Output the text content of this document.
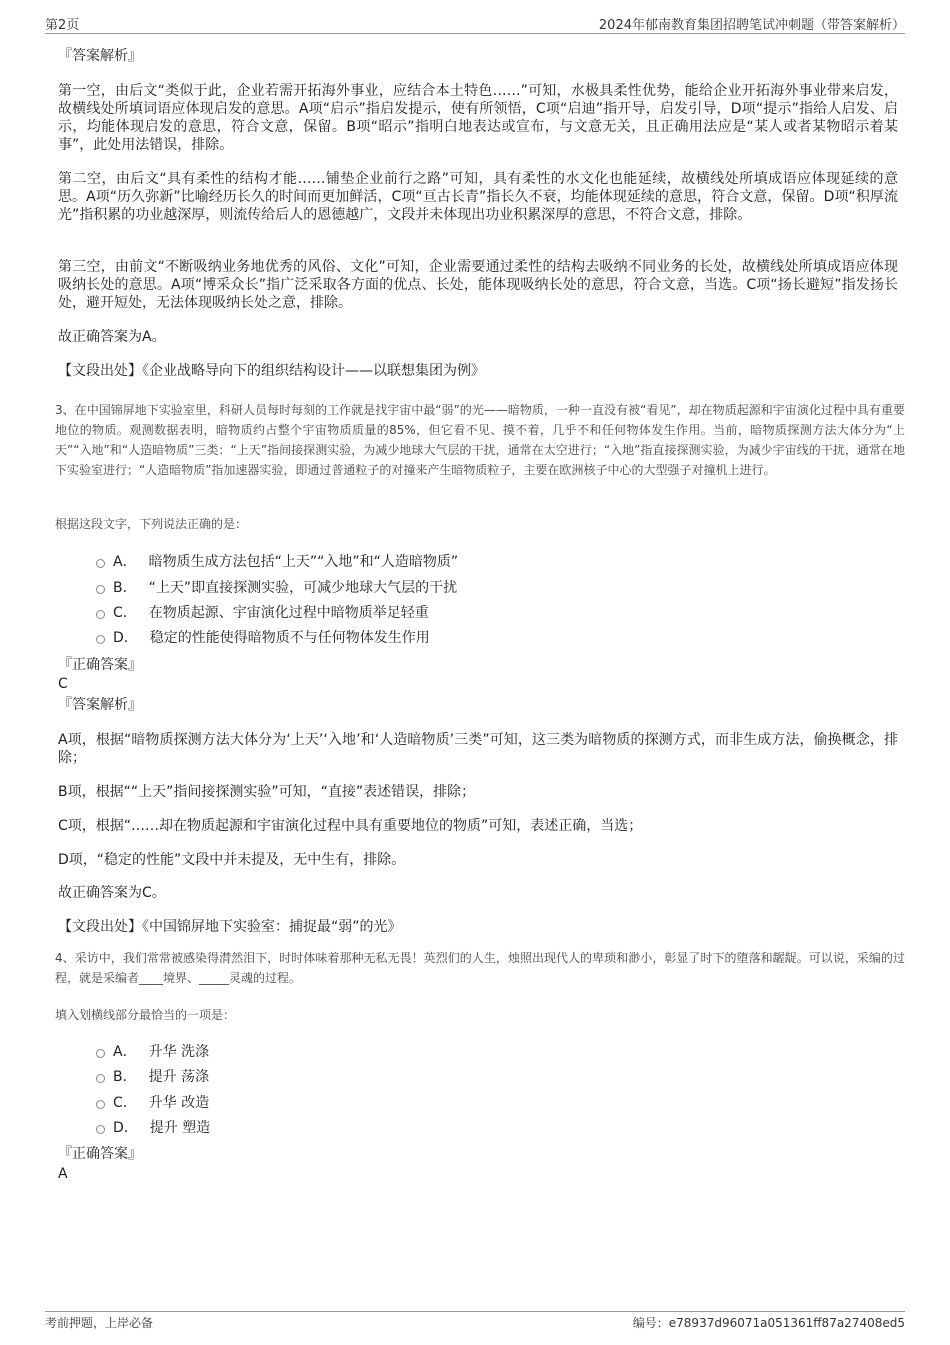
第2页	2024年郁南教育集团招聘笔试冲刺题（带答案解析）
『答案解析』

第一空，由后文“类似于此，企业若需开拓海外事业，应结合本土特色……”可知，水极具柔性优势，能给企业开拓海外事业带来启发，故横线处所填词语应体现启发的意思。A项“启示”指启发提示，使有所领悟，C项“启迪”指开导，启发引导，D项“提示”指给人启发、启示，均能体现启发的意思，符合文意，保留。B项“昭示”指明白地表达或宣布，与文意无关，且正确用法应是“某人或者某物昭示着某事”，此处用法错误，排除。

第二空，由后文“具有柔性的结构才能……铺垫企业前行之路”可知，具有柔性的水文化也能延续，故横线处所填成语应体现延续的意思。A项“历久弥新”比喻经历长久的时间而更加鲜活，C项“亘古长青”指长久不衰，均能体现延续的意思，符合文意，保留。D项“积厚流光”指积累的功业越深厚，则流传给后人的恩德越广，文段并未体现出功业积累深厚的意思，不符合文意，排除。

第三空，由前文“不断吸纳业务地优秀的风俗、文化”可知，企业需要通过柔性的结构去吸纳不同业务的长处，故横线处所填成语应体现吸纳长处的意思。A项“博采众长”指广泛采取各方面的优点、长处，能体现吸纳长处的意思，符合文意，当选。C项“扬长避短”指发扬长处，避开短处，无法体现吸纳长处之意，排除。

故正确答案为A。

【文段出处】《企业战略导向下的组织结构设计——以联想集团为例》

3、在中国锦屏地下实验室里，科研人员每时每刻的工作就是找宇宙中最“弱”的光——暗物质，一种一直没有被“看见”，却在物质起源和宇宙演化过程中具有重要地位的物质。观测数据表明，暗物质约占整个宇宙物质质量的85%，但它看不见、摸不着，几乎不和任何物体发生作用。当前，暗物质探测方法大体分为“上天”“入地”和“人造暗物质”三类：“上天”指间接探测实验，为减少地球大气层的干扰，通常在太空进行；“入地”指直接探测实验，为减少宇宙线的干扰，通常在地下实验室进行；“人造暗物质”指加速器实验，即通过普通粒子的对撞来产生暗物质粒子，主要在欧洲核子中心的大型强子对撞机上进行。

根据这段文字，下列说法正确的是：

A． 暗物质生成方法包括“上天”“入地”和“人造暗物质”
B． “上天”即直接探测实验，可减少地球大气层的干扰
C． 在物质起源、宇宙演化过程中暗物质举足轻重
D． 稳定的性能使得暗物质不与任何物体发生作用
『正确答案』
C
『答案解析』

A项，根据“暗物质探测方法大体分为‘上天’‘入地’和‘人造暗物质’三类”可知，这三类为暗物质的探测方式，而非生成方法，偷换概念，排除；

B项，根据““上天”指间接探测实验”可知，“直接”表述错误，排除；

C项，根据“……却在物质起源和宇宙演化过程中具有重要地位的物质”可知，表述正确，当选；

D项，“稳定的性能”文段中并未提及，无中生有，排除。

故正确答案为C。

【文段出处】《中国锦屏地下实验室：捕捉最“弱”的光》

4、采访中，我们常常被感染得潸然泪下，时时体味着那种无私无畏！英烈们的人生，烛照出现代人的卑琐和渺小，彰显了时下的堕落和龌龊。可以说，采编的过程，就是采编者____境界、_____灵魂的过程。

填入划横线部分最恰当的一项是：

A． 升华 洗涤
B． 提升 荡涤
C． 升华 改造
D． 提升 塑造
『正确答案』
A
考前押题，上岸必备	编号：e78937d96071a051361ff87a27408ed5
